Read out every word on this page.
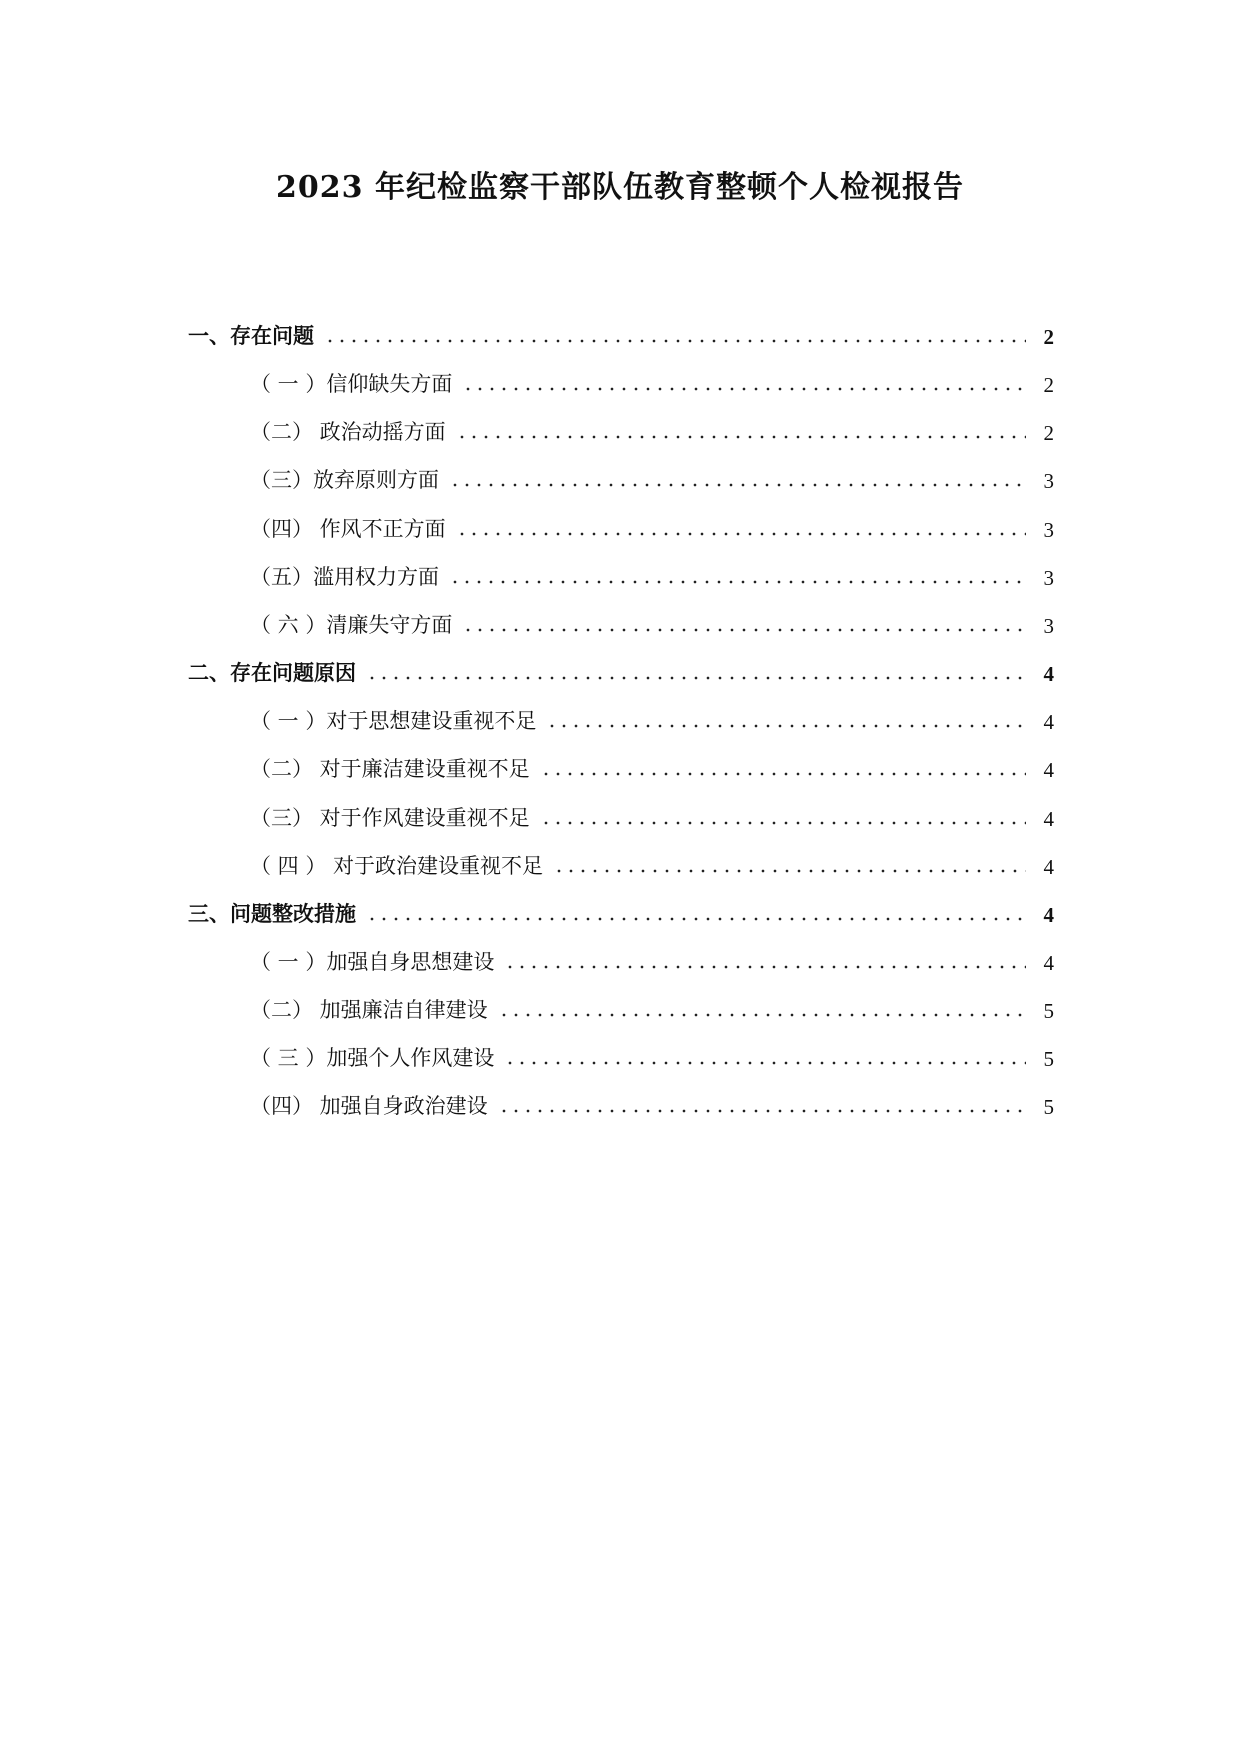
2023 年纪检监察干部队伍教育整顿个人检视报告
一、存在问题	2
（ 一 ）信仰缺失方面	2
（二） 政治动摇方面	2
（三）放弃原则方面	3
（四） 作风不正方面	3
（五）滥用权力方面	3
（ 六 ）清廉失守方面	3
二、存在问题原因	4
（ 一 ）对于思想建设重视不足	4
（二） 对于廉洁建设重视不足	4
（三） 对于作风建设重视不足	4
（ 四 ） 对于政治建设重视不足	4
三、问题整改措施	4
（ 一 ）加强自身思想建设	4
（二） 加强廉洁自律建设	5
（ 三 ）加强个人作风建设	5
（四） 加强自身政治建设	5
